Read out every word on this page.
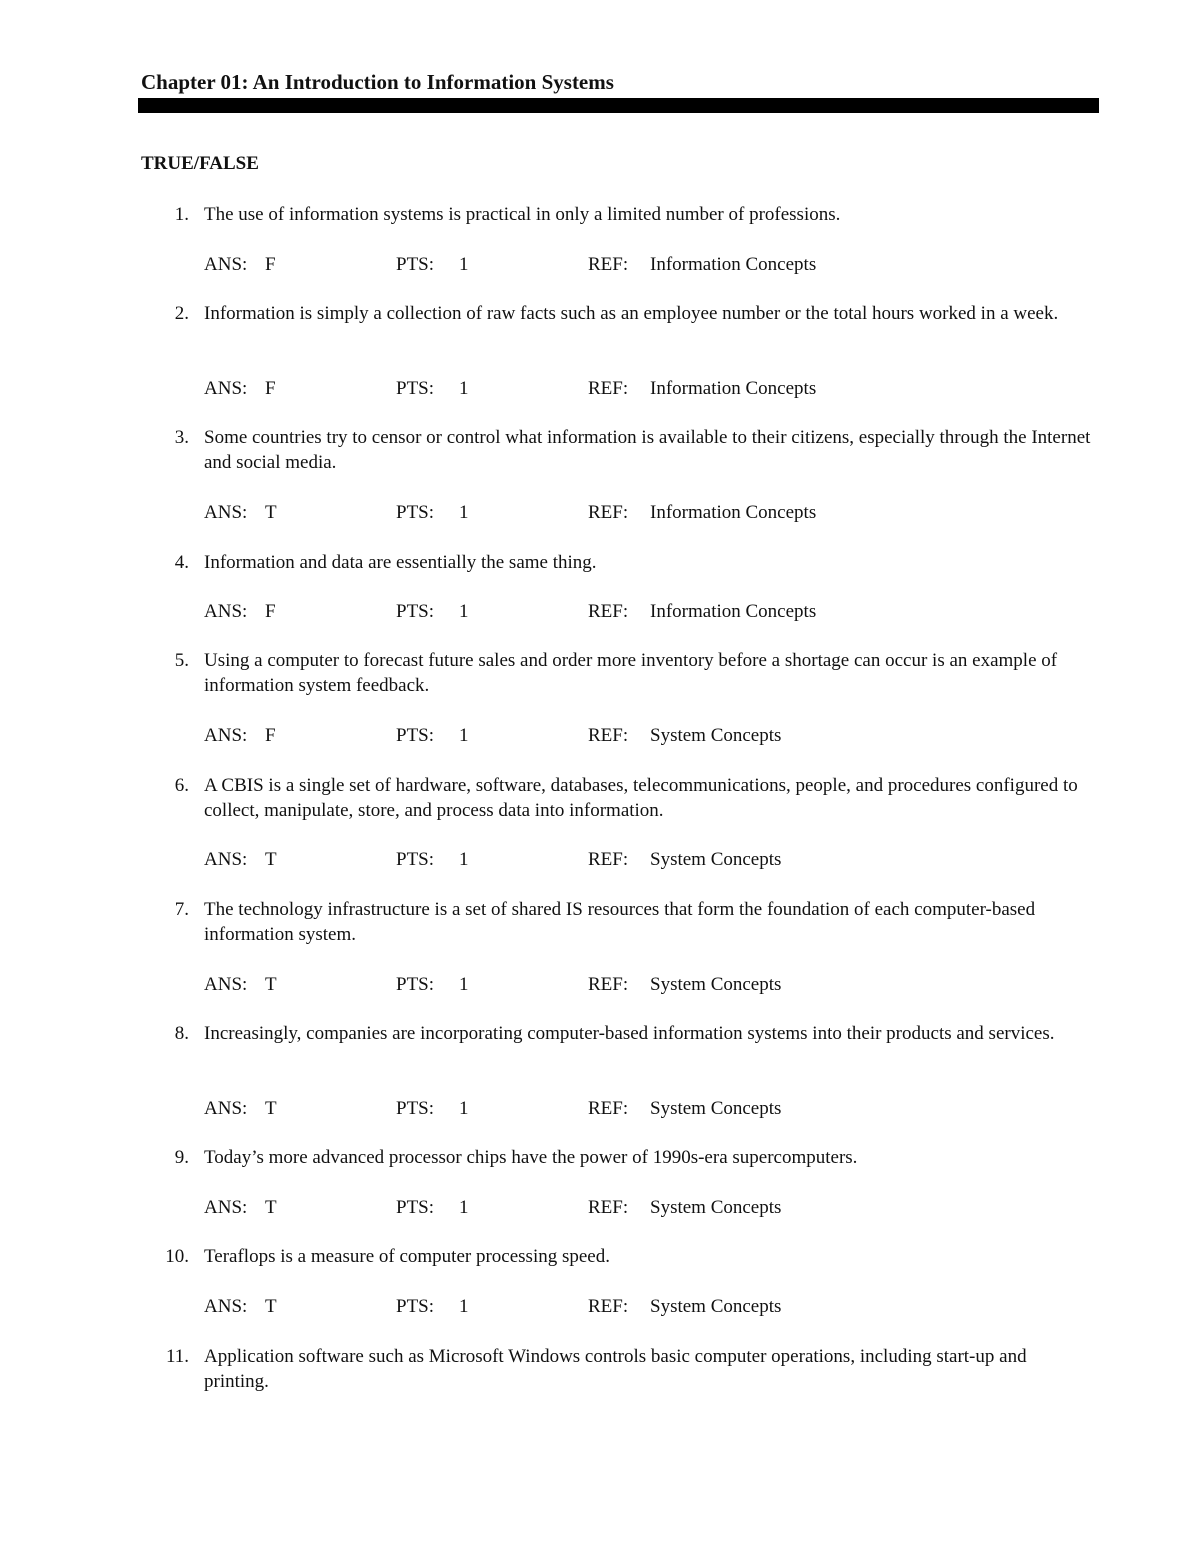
Chapter 01: An Introduction to Information Systems
TRUE/FALSE
1. The use of information systems is practical in only a limited number of professions.
ANS: F	PTS: 1	REF: Information Concepts
2. Information is simply a collection of raw facts such as an employee number or the total hours worked in a week.
ANS: F	PTS: 1	REF: Information Concepts
3. Some countries try to censor or control what information is available to their citizens, especially through the Internet and social media.
ANS: T	PTS: 1	REF: Information Concepts
4. Information and data are essentially the same thing.
ANS: F	PTS: 1	REF: Information Concepts
5. Using a computer to forecast future sales and order more inventory before a shortage can occur is an example of information system feedback.
ANS: F	PTS: 1	REF: System Concepts
6. A CBIS is a single set of hardware, software, databases, telecommunications, people, and procedures configured to collect, manipulate, store, and process data into information.
ANS: T	PTS: 1	REF: System Concepts
7. The technology infrastructure is a set of shared IS resources that form the foundation of each computer-based information system.
ANS: T	PTS: 1	REF: System Concepts
8. Increasingly, companies are incorporating computer-based information systems into their products and services.
ANS: T	PTS: 1	REF: System Concepts
9. Today’s more advanced processor chips have the power of 1990s-era supercomputers.
ANS: T	PTS: 1	REF: System Concepts
10. Teraflops is a measure of computer processing speed.
ANS: T	PTS: 1	REF: System Concepts
11. Application software such as Microsoft Windows controls basic computer operations, including start-up and printing.
